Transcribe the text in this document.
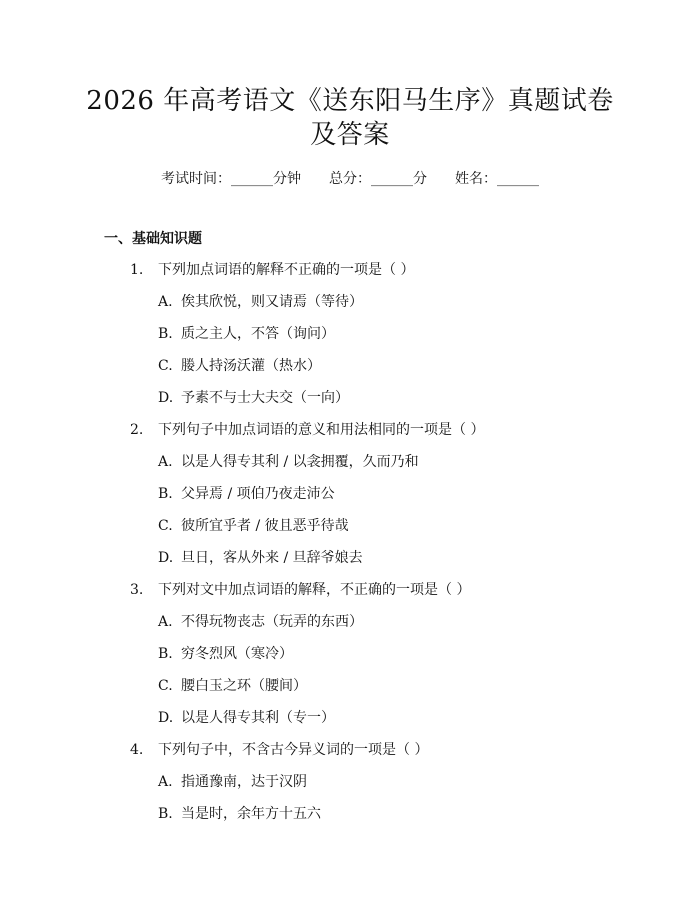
2026 年高考语文《送东阳马生序》真题试卷
及答案
考试时间：______分钟 总分：______分 姓名：______
一、基础知识题
1.	下列加点词语的解释不正确的一项是（ ）
A. 俟其欣悦，则又请焉（等待）
B. 质之主人，不答（询问）
C. 媵人持汤沃灌（热水）
D. 予素不与士大夫交（一向）
2.	下列句子中加点词语的意义和用法相同的一项是（ ）
A. 以是人得专其利 / 以衾拥覆，久而乃和
B. 父异焉 / 项伯乃夜走沛公
C. 彼所宜乎者 / 彼且恶乎待哉
D. 旦日，客从外来 / 旦辞爷娘去
3.	下列对文中加点词语的解释，不正确的一项是（ ）
A. 不得玩物丧志（玩弄的东西）
B. 穷冬烈风（寒冷）
C. 腰白玉之环（腰间）
D. 以是人得专其利（专一）
4.	下列句子中，不含古今异义词的一项是（ ）
A. 指通豫南，达于汉阴
B. 当是时，余年方十五六
